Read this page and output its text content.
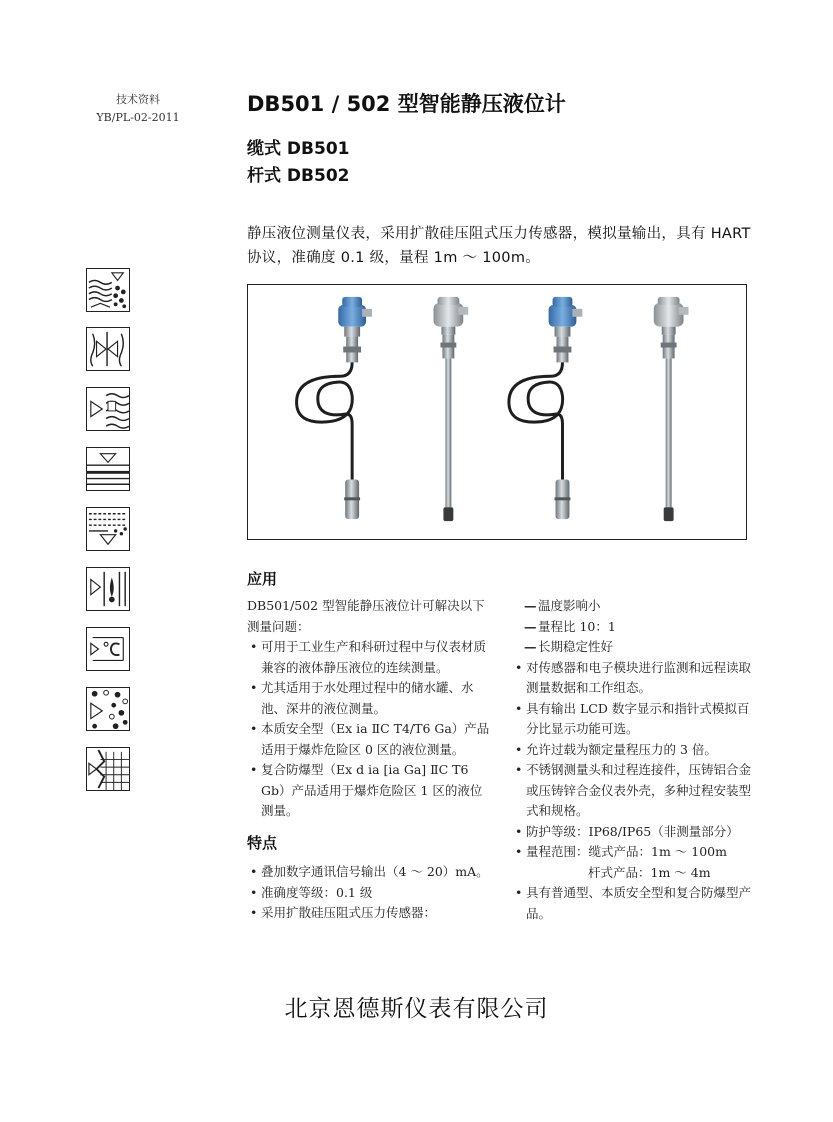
技术资料
YB/PL-02-2011
DB501 / 502 型智能静压液位计
缆式 DB501
杆式 DB502
静压液位测量仪表，采用扩散硅压阻式压力传感器，模拟量输出，具有 HART 协议，准确度 0.1 级，量程 1m ～ 100m。
应用

DB501/502 型智能静压液位计可解决以下测量问题：

• 可用于工业生产和科研过程中与仪表材质兼容的液体静压液位的连续测量。
• 尤其适用于水处理过程中的储水罐、水池、深井的液位测量。
• 本质安全型（Ex ia ⅡC T4/T6 Ga）产品适用于爆炸危险区 0 区的液位测量。
• 复合防爆型（Ex d ia [ia Ga] ⅡC T6 Gb）产品适用于爆炸危险区 1 区的液位测量。
特点
• 叠加数字通讯信号输出（4 ～ 20）mA。
• 准确度等级：0.1 级
• 采用扩散硅压阻式压力传感器：
— 温度影响小
— 量程比 10：1
— 长期稳定性好
• 对传感器和电子模块进行监测和远程读取测量数据和工作组态。
• 具有输出 LCD 数字显示和指针式模拟百分比显示功能可选。
• 允许过载为额定量程压力的 3 倍。
• 不锈钢测量头和过程连接件，压铸铝合金或压铸锌合金仪表外壳，多种过程安装型式和规格。
• 防护等级：IP68/IP65（非测量部分）
• 量程范围：缆式产品：1m ～ 100m
杆式产品：1m ～ 4m
• 具有普通型、本质安全型和复合防爆型产品。
北京恩德斯仪表有限公司
